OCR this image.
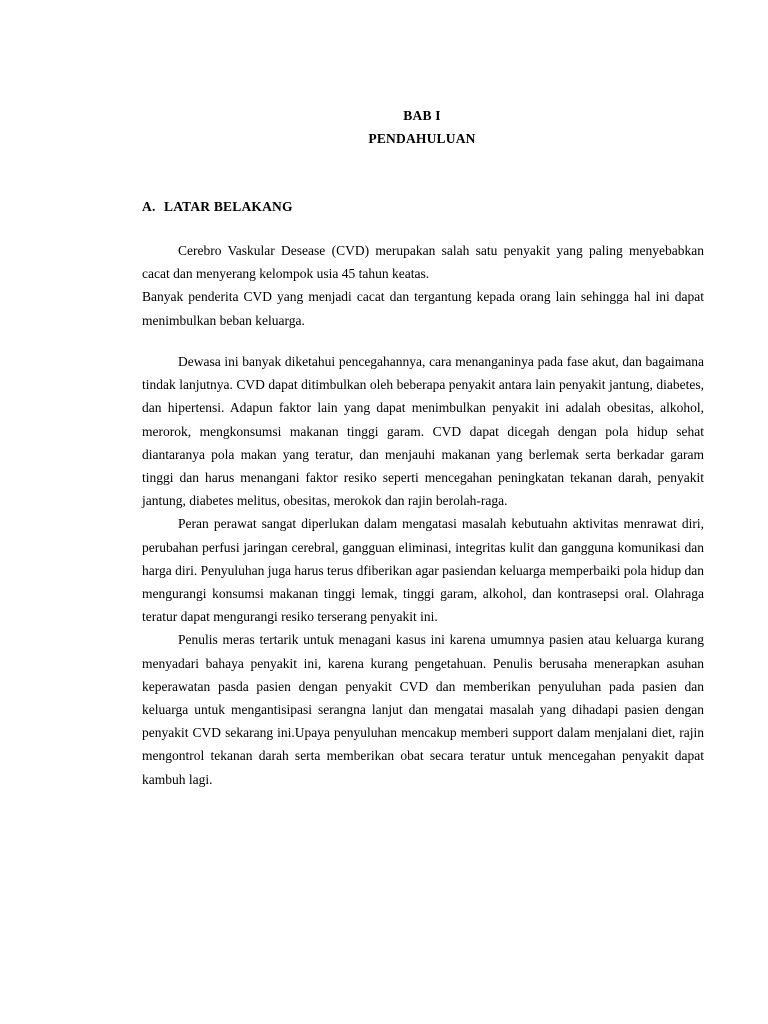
BAB I
PENDAHULUAN
A. LATAR BELAKANG

Cerebro Vaskular Desease (CVD) merupakan salah satu penyakit yang paling menyebabkan cacat dan menyerang kelompok usia 45 tahun keatas.

Banyak penderita CVD yang menjadi cacat dan tergantung kepada orang lain sehingga hal ini dapat menimbulkan beban keluarga.

Dewasa ini banyak diketahui pencegahannya, cara menanganinya pada fase akut, dan bagaimana tindak lanjutnya. CVD dapat ditimbulkan oleh beberapa penyakit antara lain penyakit jantung, diabetes, dan hipertensi. Adapun faktor lain yang dapat menimbulkan penyakit ini adalah obesitas, alkohol, merorok, mengkonsumsi makanan tinggi garam. CVD dapat dicegah dengan pola hidup sehat diantaranya pola makan yang teratur, dan menjauhi makanan yang berlemak serta berkadar garam tinggi dan harus menangani faktor resiko seperti mencegahan peningkatan tekanan darah, penyakit jantung, diabetes melitus, obesitas, merokok dan rajin berolah-raga.

Peran perawat sangat diperlukan dalam mengatasi masalah kebutuahn aktivitas menrawat diri, perubahan perfusi jaringan cerebral, gangguan eliminasi, integritas kulit dan gangguna komunikasi dan harga diri. Penyuluhan juga harus terus dfiberikan agar pasiendan keluarga memperbaiki pola hidup dan mengurangi konsumsi makanan tinggi lemak, tinggi garam, alkohol, dan kontrasepsi oral. Olahraga teratur dapat mengurangi resiko terserang penyakit ini.

Penulis meras tertarik untuk menagani kasus ini karena umumnya pasien atau keluarga kurang menyadari bahaya penyakit ini, karena kurang pengetahuan. Penulis berusaha menerapkan asuhan keperawatan pasda pasien dengan penyakit CVD dan memberikan penyuluhan pada pasien dan keluarga untuk mengantisipasi serangna lanjut dan mengatai masalah yang dihadapi pasien dengan penyakit CVD sekarang ini.Upaya penyuluhan mencakup memberi support dalam menjalani diet, rajin mengontrol tekanan darah serta memberikan obat secara teratur untuk mencegahan penyakit dapat kambuh lagi.
